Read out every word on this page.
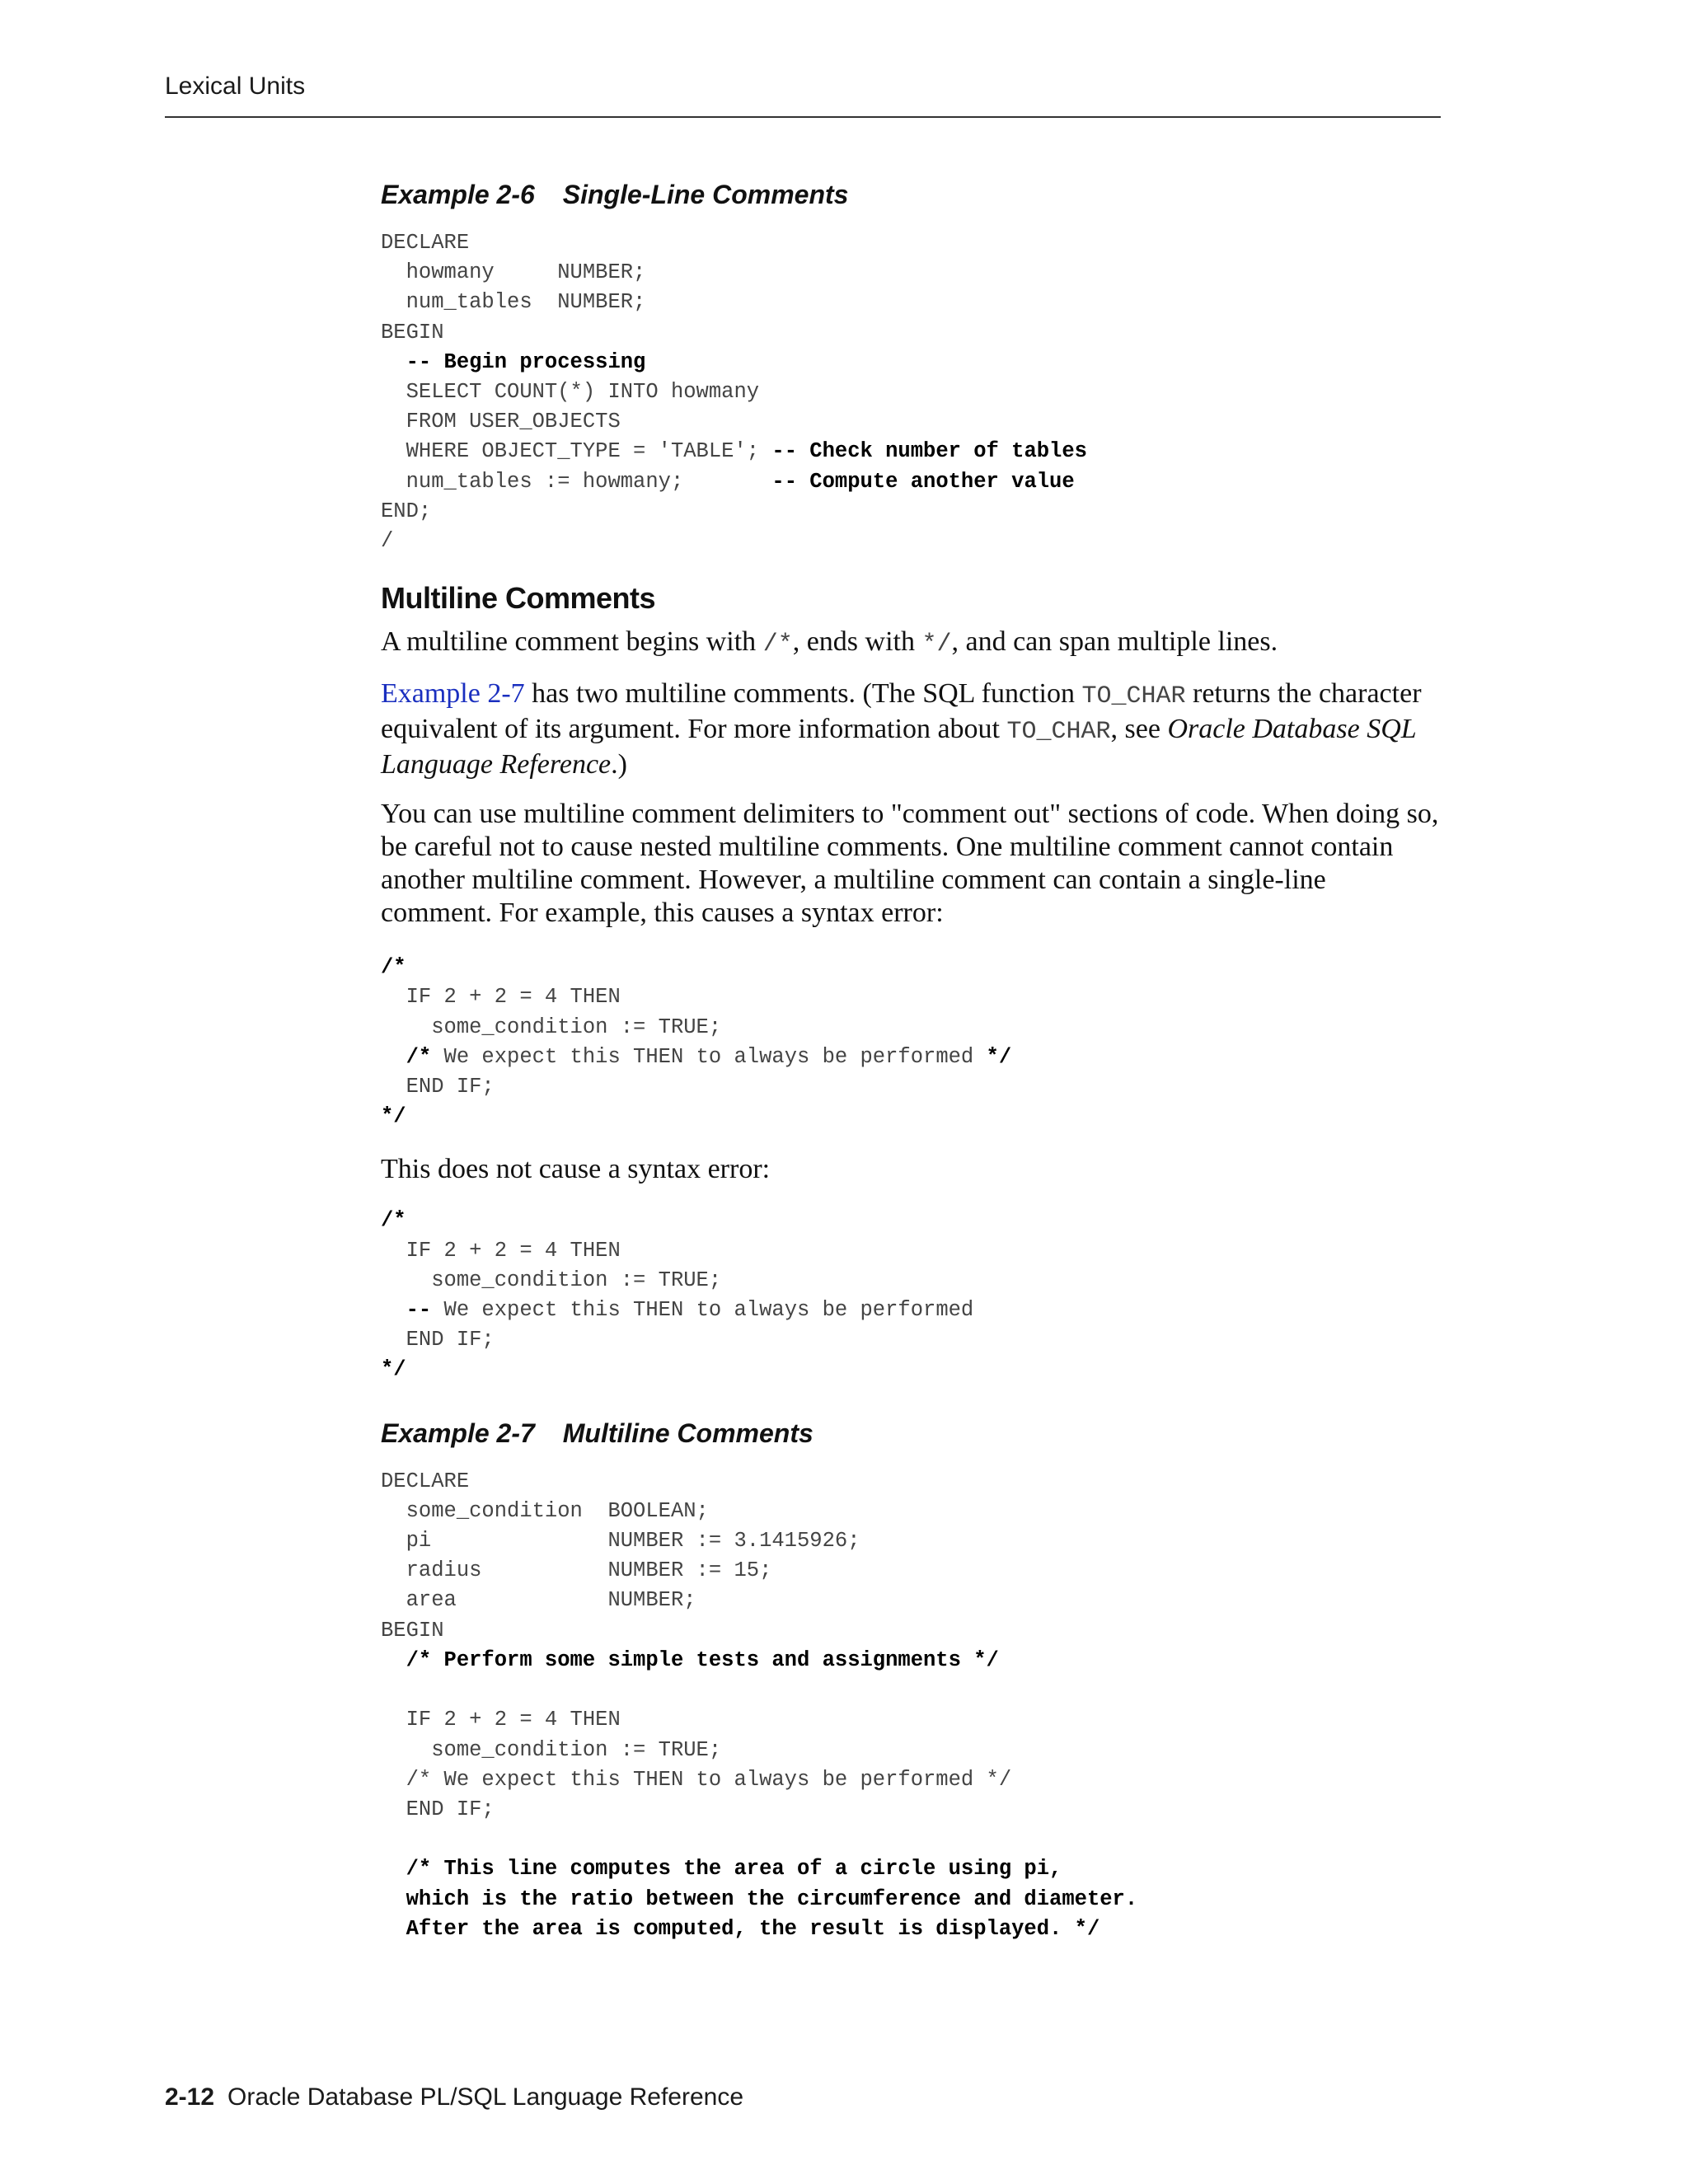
Lexical Units
Example 2-6 Single-Line Comments
DECLARE
howmany     NUMBER;
num_tables  NUMBER;
BEGIN
-- Begin processing
SELECT COUNT(*) INTO howmany
FROM USER_OBJECTS
WHERE OBJECT_TYPE = 'TABLE'; -- Check number of tables
num_tables := howmany;       -- Compute another value
END;
/
Multiline Comments

A multiline comment begins with /*, ends with */, and can span multiple lines.

Example 2-7 has two multiline comments. (The SQL function TO_CHAR returns the character equivalent of its argument. For more information about TO_CHAR, see Oracle Database SQL Language Reference.)

You can use multiline comment delimiters to "comment out" sections of code. When doing so, be careful not to cause nested multiline comments. One multiline comment cannot contain another multiline comment. However, a multiline comment can contain a single-line comment. For example, this causes a syntax error:

/*
IF 2 + 2 = 4 THEN
some_condition := TRUE;
/* We expect this THEN to always be performed */
END IF;
*/

This does not cause a syntax error:

/*
IF 2 + 2 = 4 THEN
some_condition := TRUE;
-- We expect this THEN to always be performed
END IF;
*/
Example 2-7 Multiline Comments
DECLARE
some_condition  BOOLEAN;
pi              NUMBER := 3.1415926;
radius          NUMBER := 15;
area            NUMBER;
BEGIN
/* Perform some simple tests and assignments */

IF 2 + 2 = 4 THEN
some_condition := TRUE;
/* We expect this THEN to always be performed */
END IF;

/* This line computes the area of a circle using pi,
which is the ratio between the circumference and diameter.
After the area is computed, the result is displayed. */
2-12 Oracle Database PL/SQL Language Reference
